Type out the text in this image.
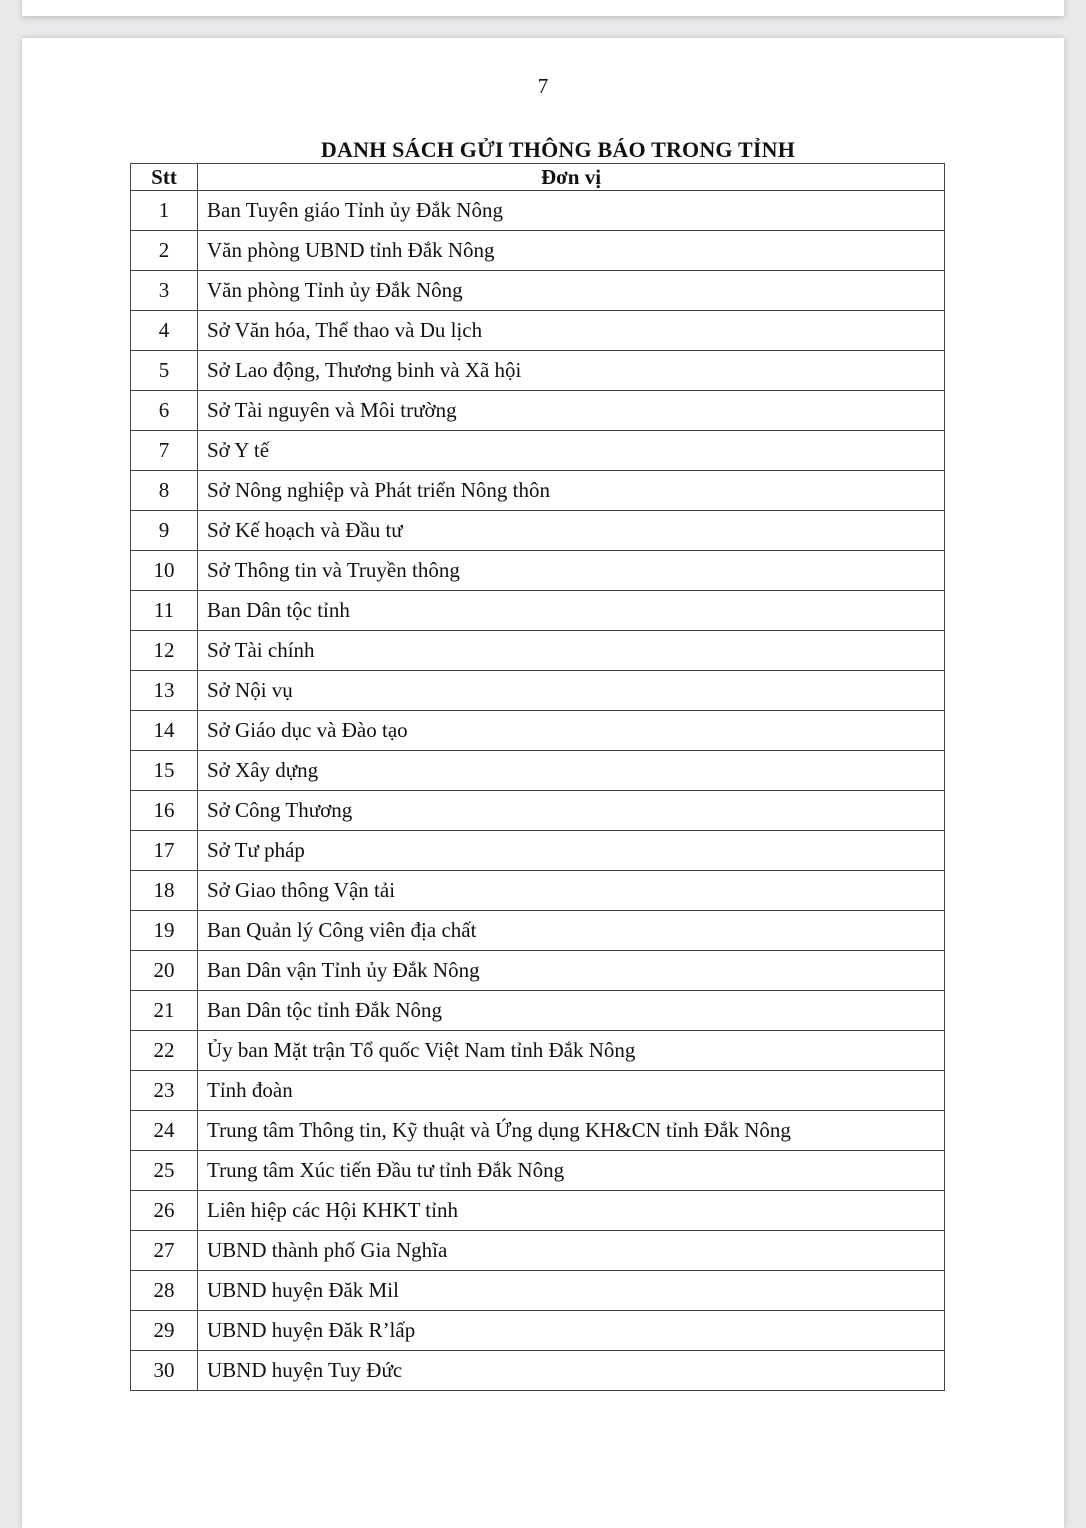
7
DANH SÁCH GỬI THÔNG BÁO TRONG TỈNH
Stt	Đơn vị
1	Ban Tuyên giáo Tỉnh ủy Đắk Nông
2	Văn phòng UBND tỉnh Đắk Nông
3	Văn phòng Tỉnh ủy Đắk Nông
4	Sở Văn hóa, Thể thao và Du lịch
5	Sở Lao động, Thương binh và Xã hội
6	Sở Tài nguyên và Môi trường
7	Sở Y tế
8	Sở Nông nghiệp và Phát triển Nông thôn
9	Sở Kế hoạch và Đầu tư
10	Sở Thông tin và Truyền thông
11	Ban Dân tộc tỉnh
12	Sở Tài chính
13	Sở Nội vụ
14	Sở Giáo dục và Đào tạo
15	Sở Xây dựng
16	Sở Công Thương
17	Sở Tư pháp
18	Sở Giao thông Vận tải
19	Ban Quản lý Công viên địa chất
20	Ban Dân vận Tỉnh ủy Đắk Nông
21	Ban Dân tộc tỉnh Đắk Nông
22	Ủy ban Mặt trận Tổ quốc Việt Nam tỉnh Đắk Nông
23	Tỉnh đoàn
24	Trung tâm Thông tin, Kỹ thuật và Ứng dụng KH&CN tỉnh Đắk Nông
25	Trung tâm Xúc tiến Đầu tư tỉnh Đắk Nông
26	Liên hiệp các Hội KHKT tỉnh
27	UBND thành phố Gia Nghĩa
28	UBND huyện Đăk Mil
29	UBND huyện Đăk R’lấp
30	UBND huyện Tuy Đức
